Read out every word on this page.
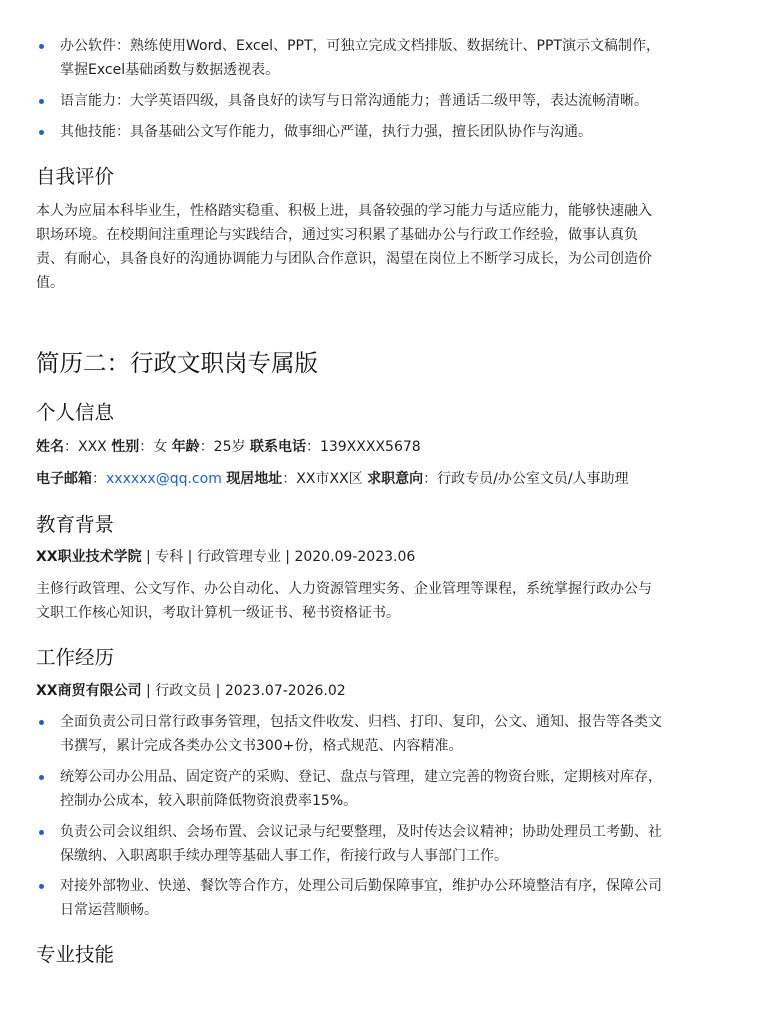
办公软件：熟练使用Word、Excel、PPT，可独立完成文档排版、数据统计、PPT演示文稿制作，
掌握Excel基础函数与数据透视表。
语言能力：大学英语四级，具备良好的读写与日常沟通能力；普通话二级甲等，表达流畅清晰。
其他技能：具备基础公文写作能力，做事细心严谨，执行力强，擅长团队协作与沟通。
自我评价

本人为应届本科毕业生，性格踏实稳重、积极上进，具备较强的学习能力与适应能力，能够快速融入

职场环境。在校期间注重理论与实践结合，通过实习积累了基础办公与行政工作经验，做事认真负

责、有耐心，具备良好的沟通协调能力与团队合作意识，渴望在岗位上不断学习成长，为公司创造价

值。

简历二：行政文职岗专属版
个人信息

姓名：XXX 性别：女 年龄：25岁 联系电话：139XXXX5678

电子邮箱：xxxxxx@qq.com 现居地址：XX市XX区 求职意向：行政专员/办公室文员/人事助理

教育背景

XX职业技术学院 | 专科 | 行政管理专业 | 2020.09-2023.06

主修行政管理、公文写作、办公自动化、人力资源管理实务、企业管理等课程，系统掌握行政办公与

文职工作核心知识，考取计算机一级证书、秘书资格证书。

工作经历

XX商贸有限公司 | 行政文员 | 2023.07-2026.02

全面负责公司日常行政事务管理，包括文件收发、归档、打印、复印，公文、通知、报告等各类文
书撰写，累计完成各类办公文书300+份，格式规范、内容精准。
统筹公司办公用品、固定资产的采购、登记、盘点与管理，建立完善的物资台账，定期核对库存，
控制办公成本，较入职前降低物资浪费率15%。
负责公司会议组织、会场布置、会议记录与纪要整理，及时传达会议精神；协助处理员工考勤、社
保缴纳、入职离职手续办理等基础人事工作，衔接行政与人事部门工作。
对接外部物业、快递、餐饮等合作方，处理公司后勤保障事宜，维护办公环境整洁有序，保障公司
日常运营顺畅。
专业技能
